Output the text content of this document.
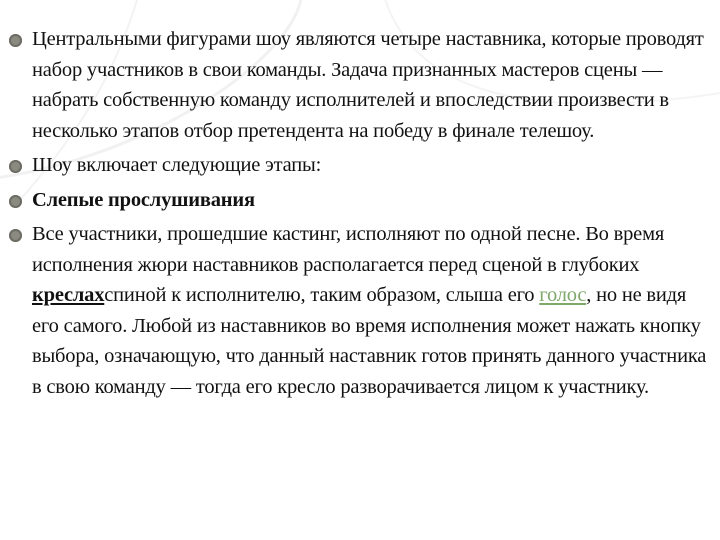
Центральными фигурами шоу являются четыре наставника, которые проводят набор участников в свои команды. Задача признанных мастеров сцены — набрать собственную команду исполнителей и впоследствии произвести в несколько этапов отбор претендента на победу в финале телешоу.
Шоу включает следующие этапы:
Слепые прослушивания
Все участники, прошедшие кастинг, исполняют по одной песне. Во время исполнения жюри наставников располагается перед сценой в глубоких креслахспиной к исполнителю, таким образом, слыша его голос, но не видя его самого. Любой из наставников во время исполнения может нажать кнопку выбора, означающую, что данный наставник готов принять данного участника в свою команду — тогда его кресло разворачивается лицом к участнику.
